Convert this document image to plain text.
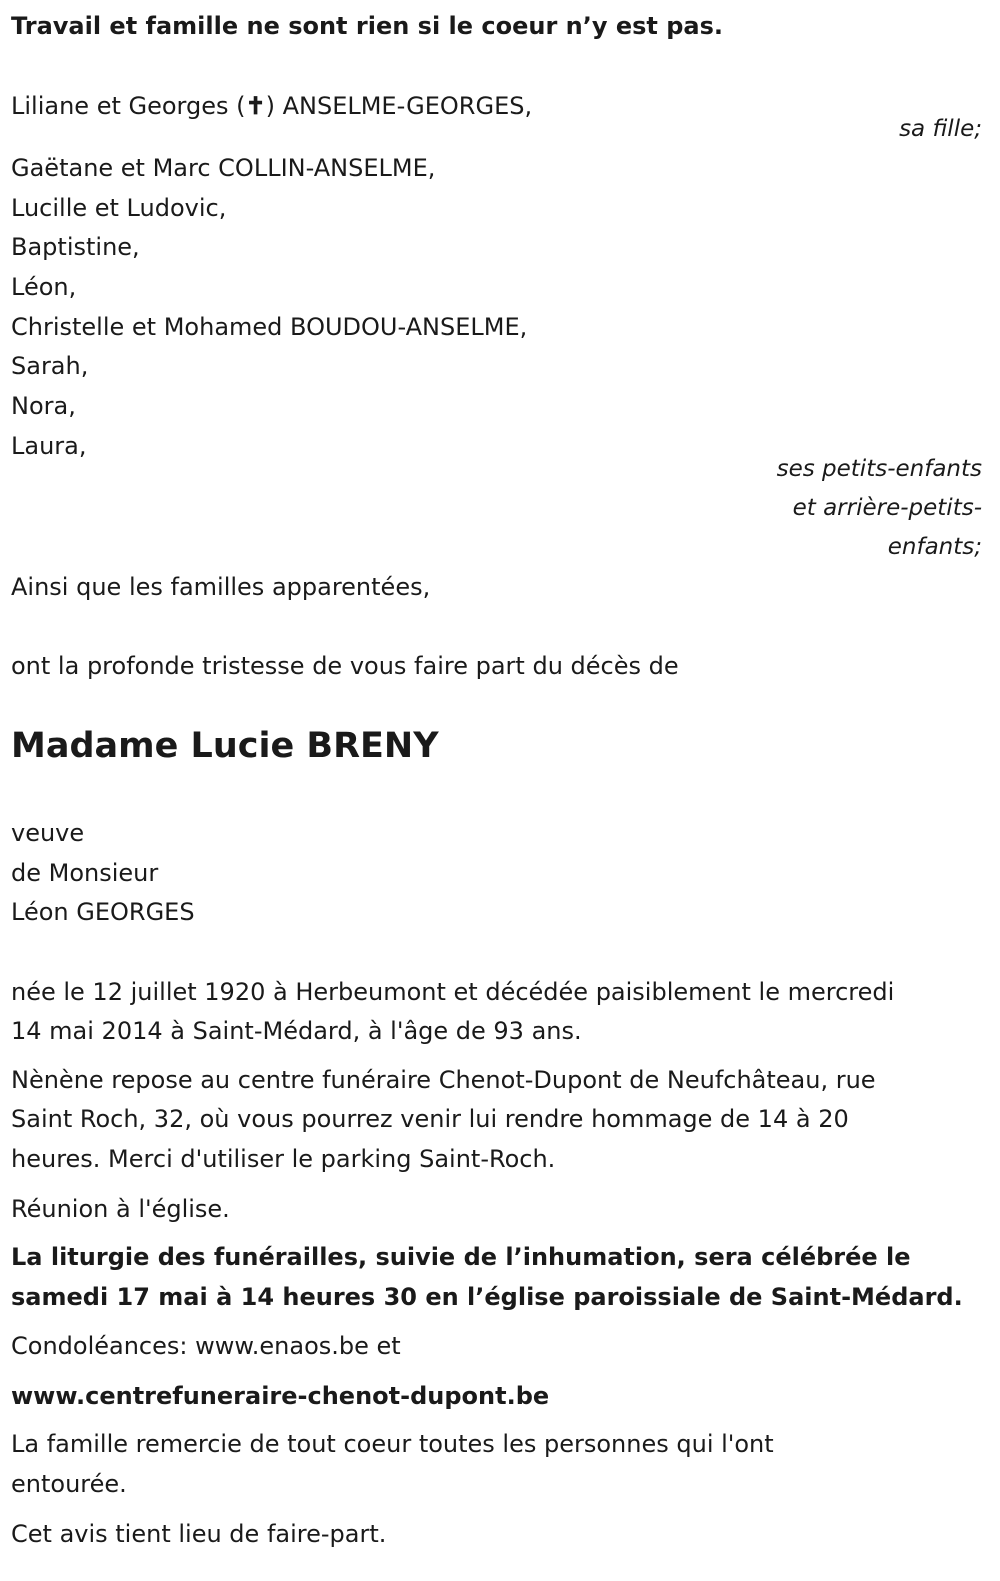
Travail et famille ne sont rien si le coeur n’y est pas.
Liliane et Georges (✝) ANSELME-GEORGES,
sa fille;
Gaëtane et Marc COLLIN-ANSELME,
Lucille et Ludovic,
Baptistine,
Léon,
Christelle et Mohamed BOUDOU-ANSELME,
Sarah,
Nora,
Laura,
ses petits-enfants
et arrière-petits-
enfants;
Ainsi que les familles apparentées,
ont la profonde tristesse de vous faire part du décès de
Madame Lucie BRENY
veuve
de Monsieur
Léon GEORGES
née le 12 juillet 1920 à Herbeumont et décédée paisiblement le mercredi
14 mai 2014 à Saint-Médard, à l'âge de 93 ans.
Nènène repose au centre funéraire Chenot-Dupont de Neufchâteau, rue
Saint Roch, 32, où vous pourrez venir lui rendre hommage de 14 à 20
heures. Merci d'utiliser le parking Saint-Roch.
Réunion à l'église.
La liturgie des funérailles, suivie de l’inhumation, sera célébrée le
samedi 17 mai à 14 heures 30 en l’église paroissiale de Saint-Médard.
Condoléances: www.enaos.be et
www.centrefuneraire-chenot-dupont.be
La famille remercie de tout coeur toutes les personnes qui l'ont
entourée.
Cet avis tient lieu de faire-part.
